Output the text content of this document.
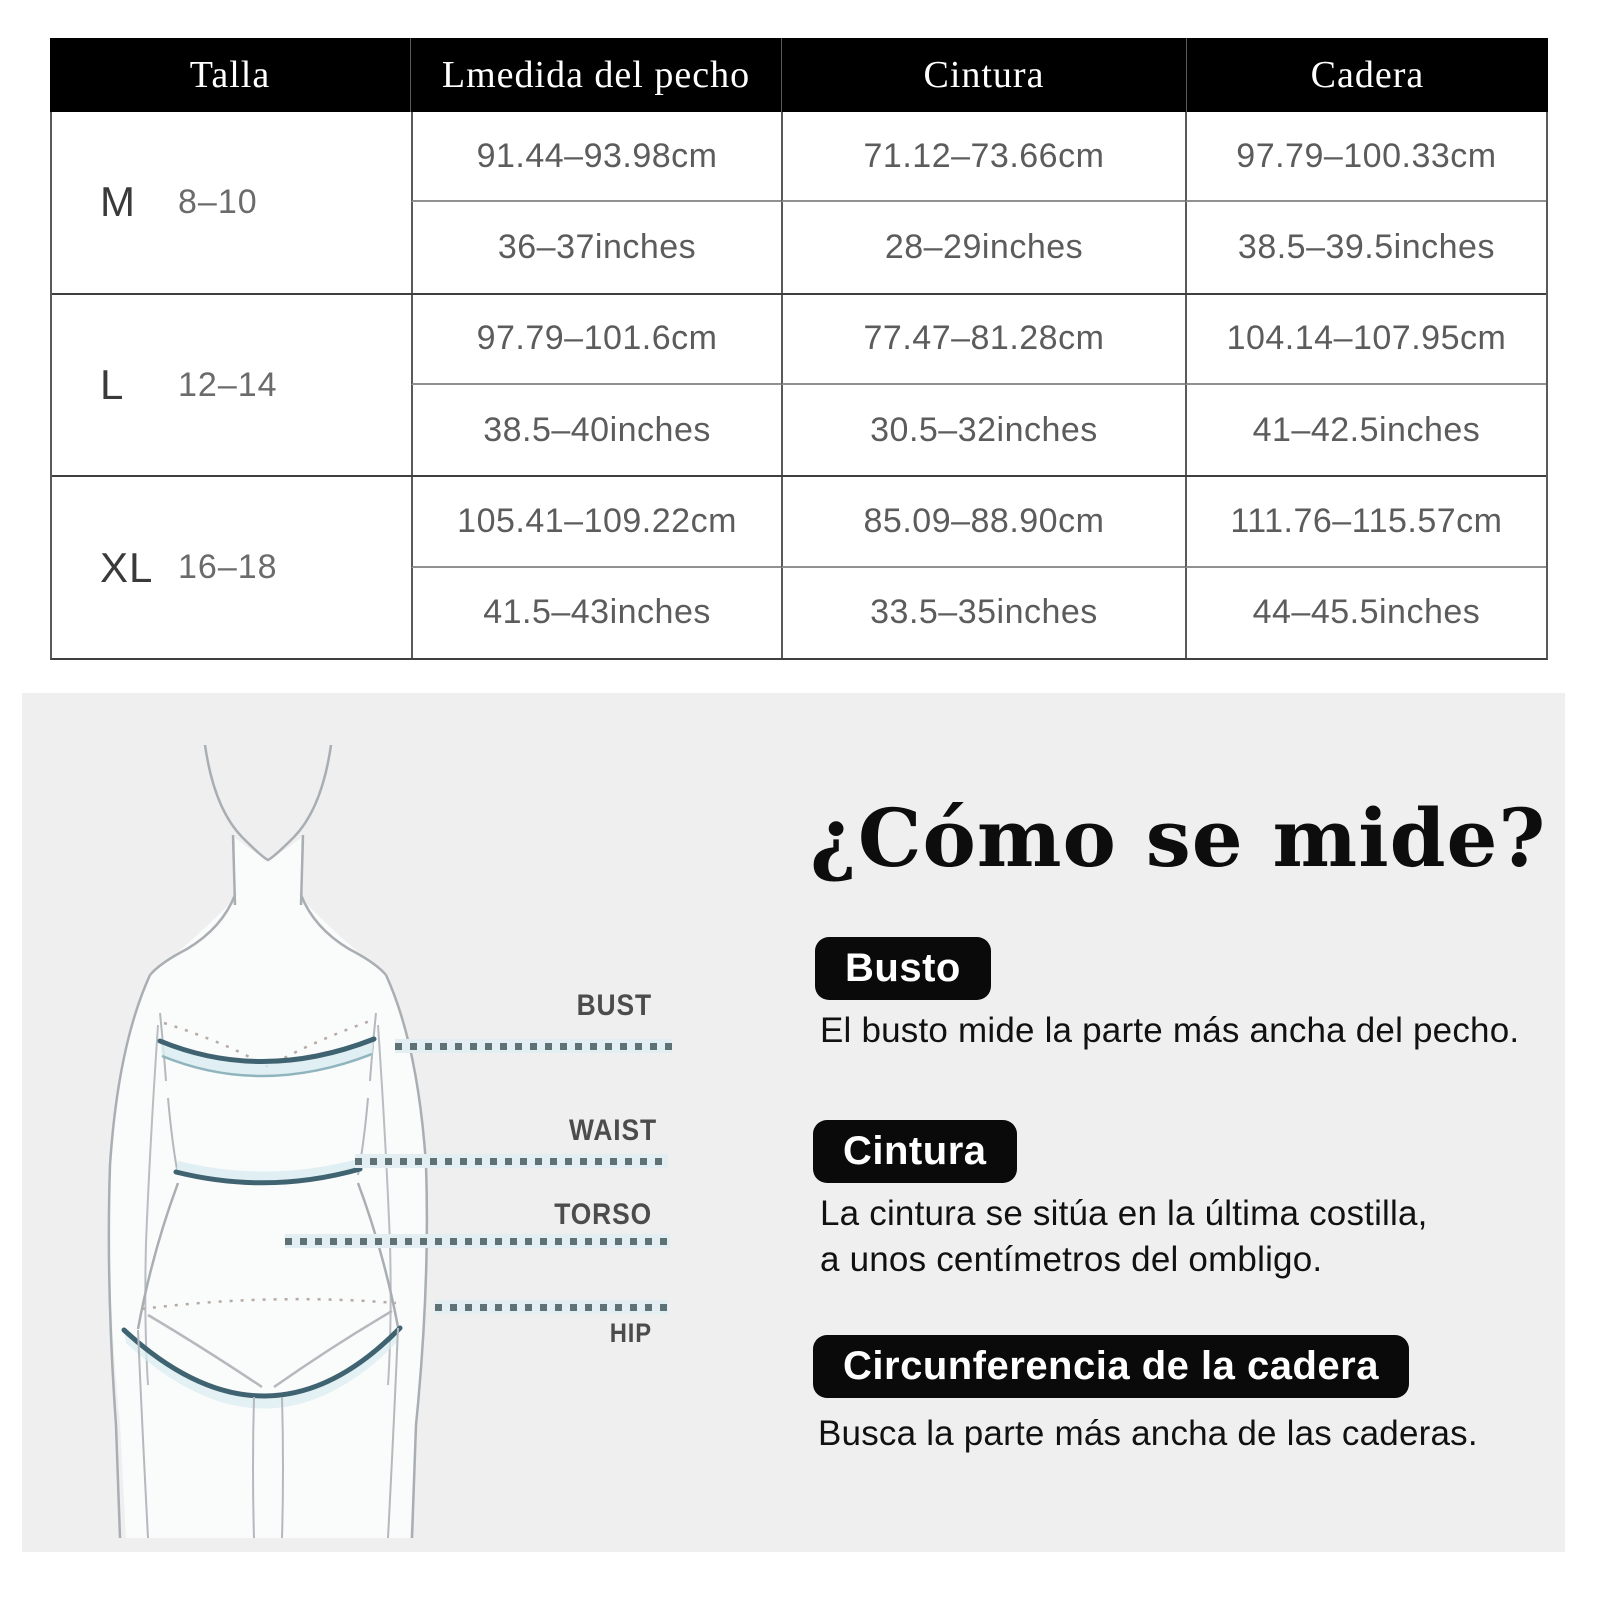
Talla	Lmedida del pecho	Cintura	Cadera
M	8–10
91.44–93.98cm	71.12–73.66cm	97.79–100.33cm
36–37inches	28–29inches	38.5–39.5inches
L	12–14
97.79–101.6cm	77.47–81.28cm	104.14–107.95cm
38.5–40inches	30.5–32inches	41–42.5inches
XL 16–18
105.41–109.22cm	85.09–88.90cm	111.76–115.57cm
41.5–43inches	33.5–35inches	44–45.5inches
BUST
WAIST
TORSO
HIP
¿Cómo se mide?
Busto
El busto mide la parte más ancha del pecho.
Cintura
La cintura se sitúa en la última costilla,
a unos centímetros del ombligo.
Circunferencia de la cadera
Busca la parte más ancha de las caderas.
